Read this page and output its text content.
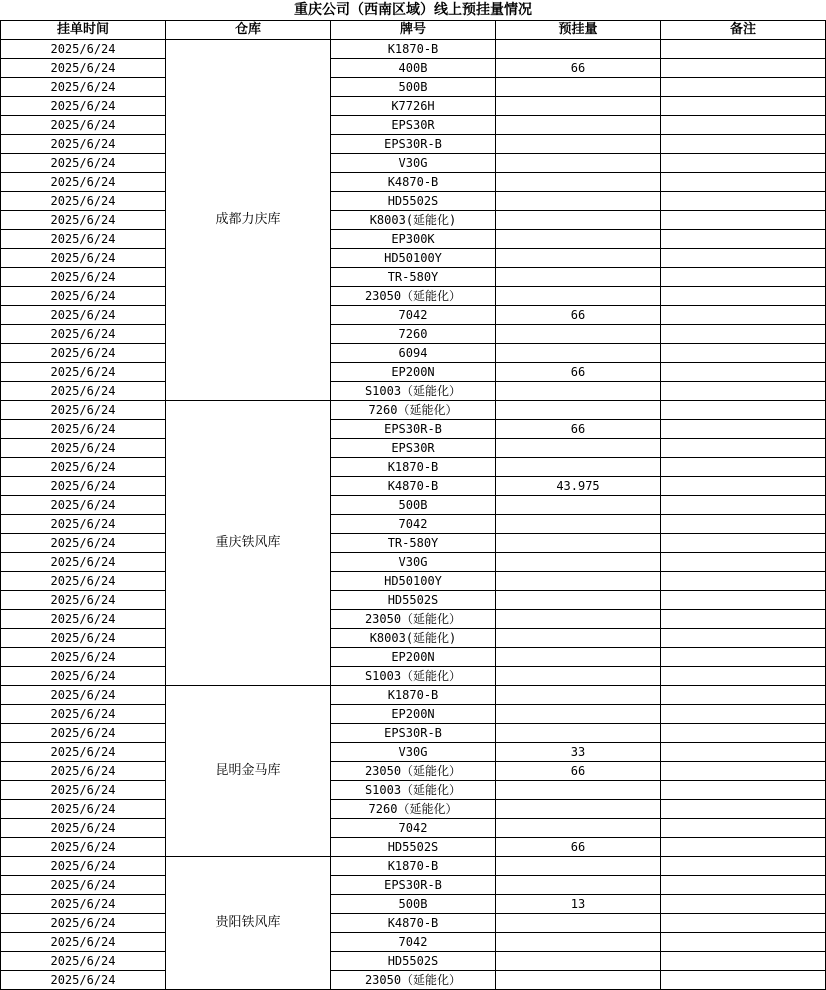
重庆公司（西南区域）线上预挂量情况
挂单时间	仓库	牌号	预挂量	备注
2025/6/24	成都力庆库	K1870-B		
2025/6/24		400B	66	
2025/6/24		500B		
2025/6/24		K7726H		
2025/6/24		EPS30R		
2025/6/24		EPS30R-B		
2025/6/24		V30G		
2025/6/24		K4870-B		
2025/6/24		HD5502S		
2025/6/24		K8003(延能化)		
2025/6/24		EP300K		
2025/6/24		HD50100Y		
2025/6/24		TR-580Y		
2025/6/24		23050（延能化）		
2025/6/24		7042	66	
2025/6/24		7260		
2025/6/24		6094		
2025/6/24		EP200N	66	
2025/6/24		S1003（延能化）		
2025/6/24	重庆铁风库	7260（延能化）		
2025/6/24		EPS30R-B	66	
2025/6/24		EPS30R		
2025/6/24		K1870-B		
2025/6/24		K4870-B	43.975	
2025/6/24		500B		
2025/6/24		7042		
2025/6/24		TR-580Y		
2025/6/24		V30G		
2025/6/24		HD50100Y		
2025/6/24		HD5502S		
2025/6/24		23050（延能化）		
2025/6/24		K8003(延能化)		
2025/6/24		EP200N		
2025/6/24		S1003（延能化）		
2025/6/24	昆明金马库	K1870-B		
2025/6/24		EP200N		
2025/6/24		EPS30R-B		
2025/6/24		V30G	33	
2025/6/24		23050（延能化）	66	
2025/6/24		S1003（延能化）		
2025/6/24		7260（延能化）		
2025/6/24		7042		
2025/6/24		HD5502S	66	
2025/6/24	贵阳铁风库	K1870-B		
2025/6/24		EPS30R-B		
2025/6/24		500B	13	
2025/6/24		K4870-B		
2025/6/24		7042		
2025/6/24		HD5502S		
2025/6/24		23050（延能化）		
